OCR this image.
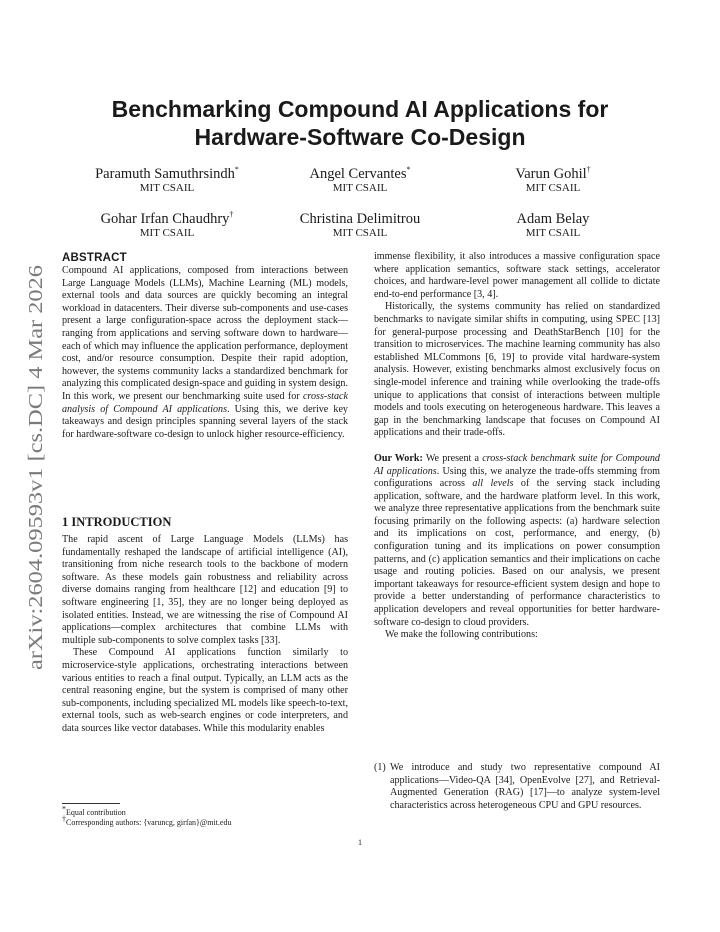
arXiv:2604.09593v1 [cs.DC] 4 Mar 2026
Benchmarking Compound AI Applications for
Hardware-Software Co-Design
Paramuth Samuthrsindh*
MIT CSAIL
Angel Cervantes*
MIT CSAIL
Varun Gohil†
MIT CSAIL
Gohar Irfan Chaudhry†
MIT CSAIL
Christina Delimitrou
MIT CSAIL
Adam Belay
MIT CSAIL
ABSTRACT

Compound AI applications, composed from interactions between Large Language Models (LLMs), Machine Learning (ML) models, external tools and data sources are quickly becoming an integral workload in datacenters. Their diverse sub-components and use-cases present a large configuration-space across the deployment stack—ranging from applications and serving software down to hardware—each of which may influence the application performance, deployment cost, and/or resource consumption. Despite their rapid adoption, however, the systems community lacks a standardized benchmark for analyzing this complicated design-space and guiding in system design. In this work, we present our benchmarking suite used for cross-stack analysis of Compound AI applications. Using this, we derive key takeaways and design principles spanning several layers of the stack for hardware-software co-design to unlock higher resource-efficiency.

1 INTRODUCTION

The rapid ascent of Large Language Models (LLMs) has fundamentally reshaped the landscape of artificial intelligence (AI), transitioning from niche research tools to the backbone of modern software. As these models gain robustness and reliability across diverse domains ranging from healthcare [12] and education [9] to software engineering [1, 35], they are no longer being deployed as isolated entities. Instead, we are witnessing the rise of Compound AI applications—complex architectures that combine LLMs with multiple sub-components to solve complex tasks [33].

These Compound AI applications function similarly to microservice-style applications, orchestrating interactions between various entities to reach a final output. Typically, an LLM acts as the central reasoning engine, but the system is comprised of many other sub-components, including specialized ML models like speech-to-text, external tools, such as web-search engines or code interpreters, and data sources like vector databases. While this modularity enables

immense flexibility, it also introduces a massive configuration space where application semantics, software stack settings, accelerator choices, and hardware-level power management all collide to dictate end-to-end performance [3, 4].

Historically, the systems community has relied on standardized benchmarks to navigate similar shifts in computing, using SPEC [13] for general-purpose processing and DeathStarBench [10] for the transition to microservices. The machine learning community has also established MLCommons [6, 19] to provide vital hardware-system analysis. However, existing benchmarks almost exclusively focus on single-model inference and training while overlooking the trade-offs unique to applications that consist of interactions between multiple models and tools executing on heterogeneous hardware. This leaves a gap in the benchmarking landscape that focuses on Compound AI applications and their trade-offs.

Our Work: We present a cross-stack benchmark suite for Compound AI applications. Using this, we analyze the trade-offs stemming from configurations across all levels of the serving stack including application, software, and the hardware platform level. In this work, we analyze three representative applications from the benchmark suite focusing primarily on the following aspects: (a) hardware selection and its implications on cost, performance, and energy, (b) configuration tuning and its implications on power consumption patterns, and (c) application semantics and their implications on cache usage and routing policies. Based on our analysis, we present important takeaways for resource-efficient system design and hope to provide a better understanding of performance characteristics to application developers and reveal opportunities for better hardware-software co-design to cloud providers.

We make the following contributions:

(1) We introduce and study two representative compound AI applications—Video-QA [34], OpenEvolve [27], and Retrieval-Augmented Generation (RAG) [17]—to analyze system-level characteristics across heterogeneous CPU and GPU resources.
*Equal contribution
†Corresponding authors: {varuncg, girfan}@mit.edu
1
